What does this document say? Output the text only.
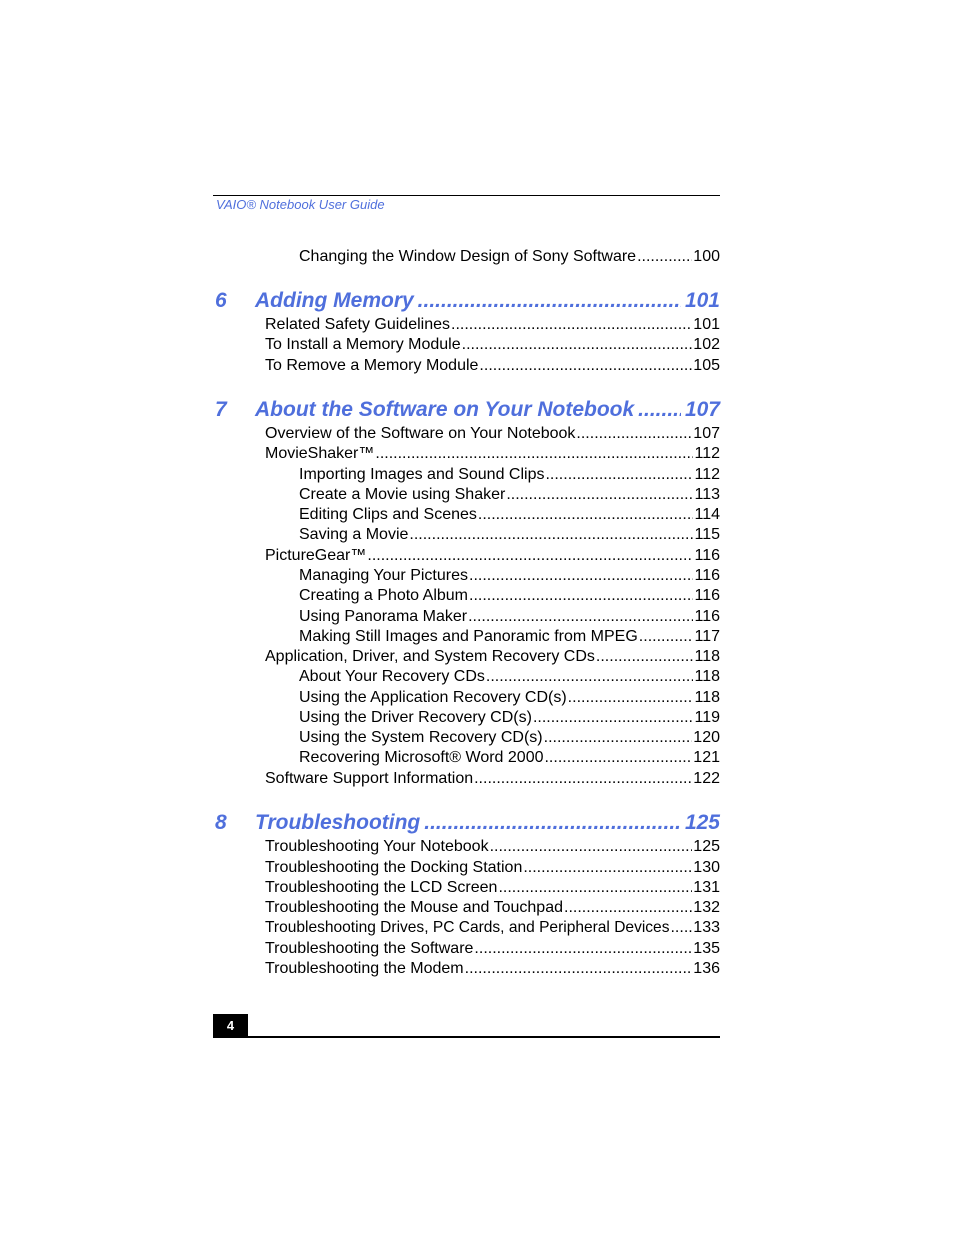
VAIO® Notebook User Guide
Changing the Window Design of Sony Software .....	100
6	Adding Memory .....	101
Related Safety Guidelines .....	101
To Install a Memory Module .....	102
To Remove a Memory Module .....	105
7	About the Software on Your Notebook ..... 107
Overview of the Software on Your Notebook .....	107
MovieShaker™ .....	112
Importing Images and Sound Clips .....	112
Create a Movie using Shaker .....	113
Editing Clips and Scenes .....	114
Saving a Movie .....	115
PictureGear™ .....	116
Managing Your Pictures .....	116
Creating a Photo Album .....	116
Using Panorama Maker .....	116
Making Still Images and Panoramic from MPEG .....	117
Application, Driver, and System Recovery CDs .....	118
About Your Recovery CDs .....	118
Using the Application Recovery CD(s) .....	118
Using the Driver Recovery CD(s) .....	119
Using the System Recovery CD(s) .....	120
Recovering Microsoft® Word 2000 .....	121
Software Support Information .....	122
8	Troubleshooting .....	125
Troubleshooting Your Notebook .....	125
Troubleshooting the Docking Station .....	130
Troubleshooting the LCD Screen .....	131
Troubleshooting the Mouse and Touchpad .....	132
Troubleshooting Drives, PC Cards, and Peripheral Devices ..... 133
Troubleshooting the Software .....	135
Troubleshooting the Modem .....	136
4
